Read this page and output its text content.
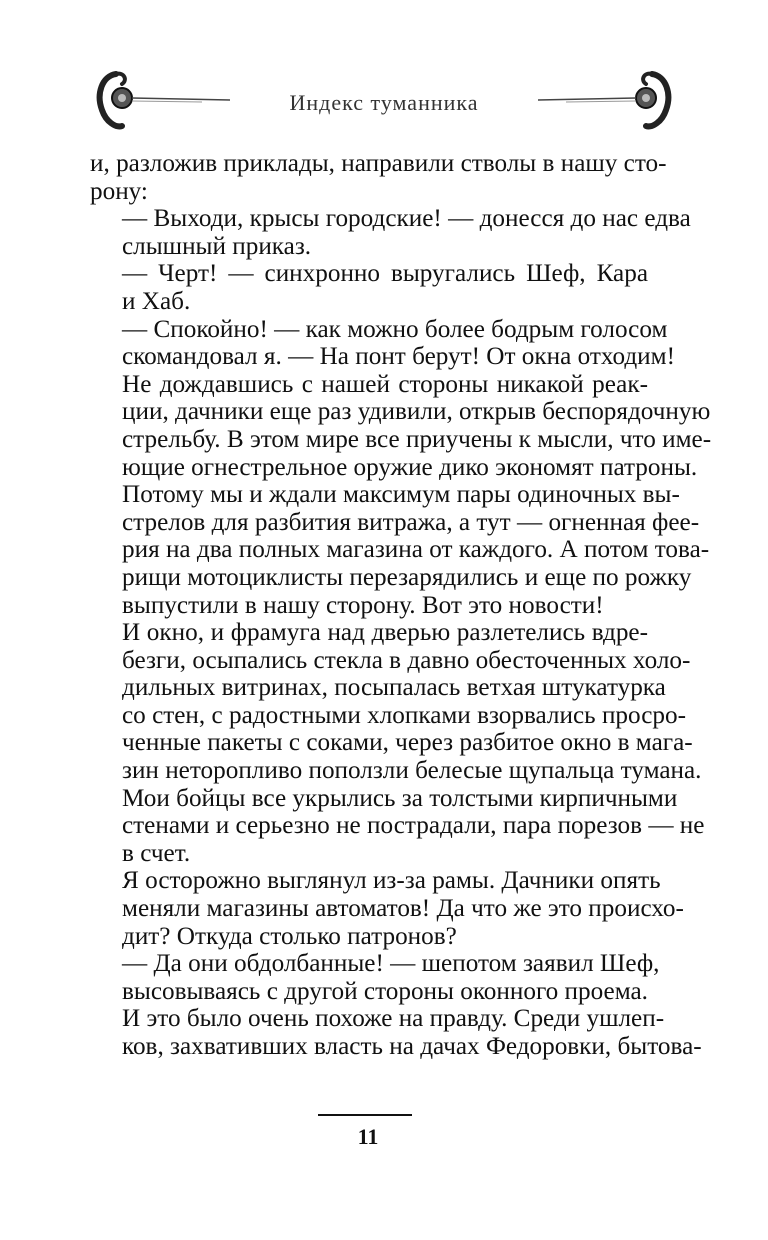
Индекс туманника

и, разложив приклады, направили стволы в нашу сто-
рону:

— Выходи, крысы городские! — донесся до нас едва
слышный приказ.

— Черт! — синхронно выругались Шеф, Кара
и Хаб.

— Спокойно! — как можно более бодрым голосом
скомандовал я. — На понт берут! От окна отходим!

Не дождавшись с нашей стороны никакой реак-
ции, дачники еще раз удивили, открыв беспорядочную
стрельбу. В этом мире все приучены к мысли, что име-
ющие огнестрельное оружие дико экономят патроны.
Потому мы и ждали максимум пары одиночных вы-
стрелов для разбития витража, а тут — огненная фее-
рия на два полных магазина от каждого. А потом това-
рищи мотоциклисты перезарядились и еще по рожку
выпустили в нашу сторону. Вот это новости!

И окно, и фрамуга над дверью разлетелись вдре-
безги, осыпались стекла в давно обесточенных холо-
дильных витринах, посыпалась ветхая штукатурка
со стен, с радостными хлопками взорвались просро-
ченные пакеты с соками, через разбитое окно в мага-
зин неторопливо поползли белесые щупальца тумана.
Мои бойцы все укрылись за толстыми кирпичными
стенами и серьезно не пострадали, пара порезов — не
в счет.

Я осторожно выглянул из-за рамы. Дачники опять
меняли магазины автоматов! Да что же это происхо-
дит? Откуда столько патронов?

— Да они обдолбанные! — шепотом заявил Шеф,
высовываясь с другой стороны оконного проема.

И это было очень похоже на правду. Среди ушлеп-
ков, захвативших власть на дачах Федоровки, бытова-

11
